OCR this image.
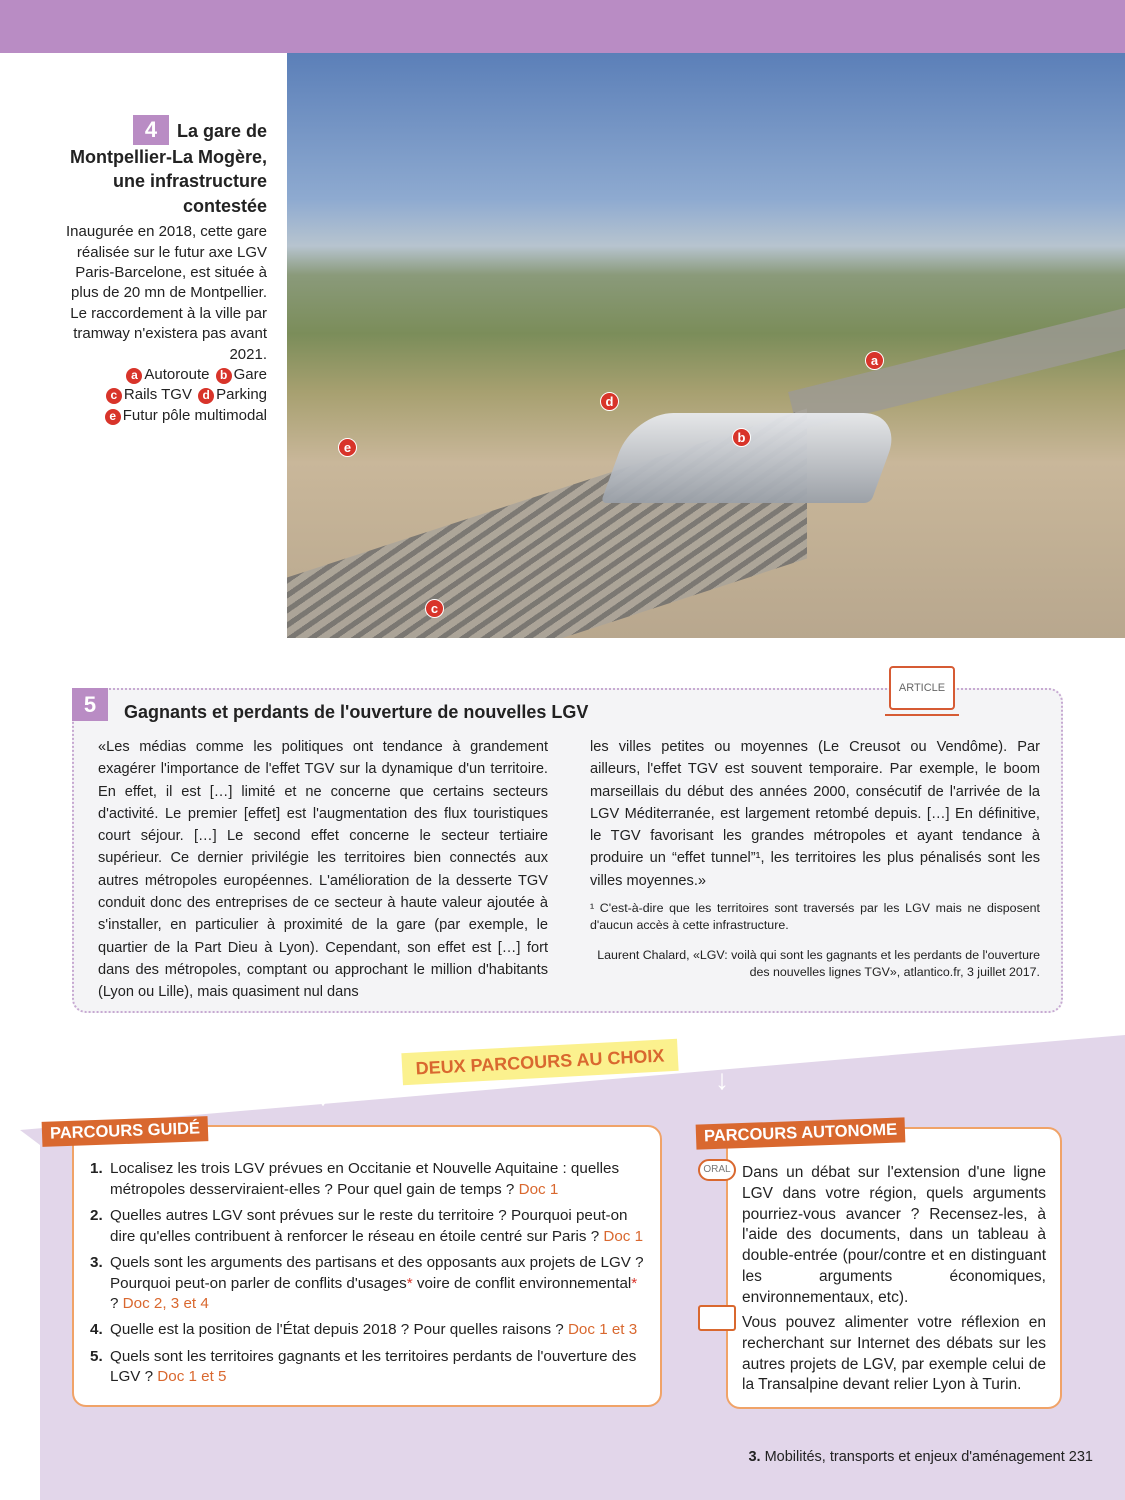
a
b
c
d
e
4 La gare de Montpellier-La Mogère, une infrastructure contestée
Inaugurée en 2018, cette gare réalisée sur le futur axe LGV Paris-Barcelone, est située à plus de 20 mn de Montpellier. Le raccordement à la ville par tramway n'existera pas avant 2021.
a Autoroute b Gare
c Rails TGV d Parking
e Futur pôle multimodal
5	Gagnants et perdants de l'ouverture de nouvelles LGV
ARTICLE
«Les médias comme les politiques ont tendance à grandement exagérer l'importance de l'effet TGV sur la dynamique d'un territoire. En effet, il est […] limité et ne concerne que certains secteurs d'activité. Le premier [effet] est l'augmentation des flux touristiques court séjour. […] Le second effet concerne le secteur tertiaire supérieur. Ce dernier privilégie les territoires bien connectés aux autres métropoles européennes. L'amélioration de la desserte TGV conduit donc des entreprises de ce secteur à haute valeur ajoutée à s'installer, en particulier à proximité de la gare (par exemple, le quartier de la Part Dieu à Lyon). Cependant, son effet est […] fort dans des métropoles, comptant ou approchant le million d'habitants (Lyon ou Lille), mais quasiment nul dans

les villes petites ou moyennes (Le Creusot ou Vendôme). Par ailleurs, l'effet TGV est souvent temporaire. Par exemple, le boom marseillais du début des années 2000, consécutif de l'arrivée de la LGV Méditerranée, est largement retombé depuis. […] En définitive, le TGV favorisant les grandes métropoles et ayant tendance à produire un “effet tunnel”¹, les territoires les plus pénalisés sont les villes moyennes.»

¹ C'est-à-dire que les territoires sont traversés par les LGV mais ne disposent d'aucun accès à cette infrastructure.

Laurent Chalard, «LGV: voilà qui sont les gagnants et les perdants de l'ouverture des nouvelles lignes TGV», atlantico.fr, 3 juillet 2017.

DEUX PARCOURS AU CHOIX
↓
↓
PARCOURS GUIDÉ
1. Localisez les trois LGV prévues en Occitanie et Nouvelle Aquitaine : quelles métropoles desserviraient-elles ? Pour quel gain de temps ? Doc 1
2. Quelles autres LGV sont prévues sur le reste du territoire ? Pourquoi peut-on dire qu'elles contribuent à renforcer le réseau en étoile centré sur Paris ? Doc 1
3. Quels sont les arguments des partisans et des opposants aux projets de LGV ? Pourquoi peut-on parler de conflits d'usages* voire de conflit environnemental* ? Doc 2, 3 et 4
4. Quelle est la position de l'État depuis 2018 ? Pour quelles raisons ? Doc 1 et 3
5. Quels sont les territoires gagnants et les territoires perdants de l'ouverture des LGV ? Doc 1 et 5
PARCOURS AUTONOME
ORAL Dans un débat sur l'extension d'une ligne LGV dans votre région, quels arguments pourriez-vous avancer ? Recensez-les, à l'aide des documents, dans un tableau à double-entrée (pour/contre et en distinguant les arguments économiques, environnementaux, etc).

Vous pouvez alimenter votre réflexion en recherchant sur Internet des débats sur les autres projets de LGV, par exemple celui de la Transalpine devant relier Lyon à Turin.

3. Mobilités, transports et enjeux d'aménagement 231
